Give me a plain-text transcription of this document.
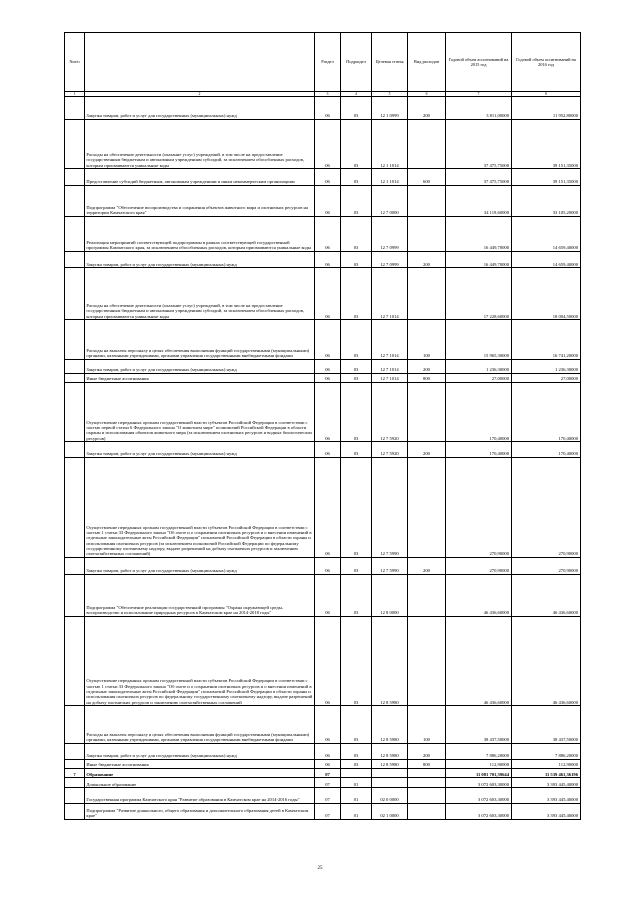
№п/п		Раздел	Подраздел	Целевая статья	Вид расходов	Годовой объем ассигнований на 2015 год	Годовой объем ассигнований на 2016 год
1	2	3	4	5	6	7	8
	Закупка товаров, работ и услуг для государственных (муниципальных) нужд	06	03	12 1 0999	200	3 811,00000	11 952,80000
	Расходы на обеспечение деятельности (оказание услуг) учреждений, в том числе на предоставление государственным бюджетным и автономным учреждениям субсидий, за исключением обособленных расходов, которым присваиваются уникальные коды	06	03	12 1 1014		37 475,75000	39 151,35000
	Предоставление субсидий бюджетным, автономным учреждениям и иным некоммерческим организациям	06	03	12 1 1014	600	37 475,75000	39 151,35000
	Подпрограмма "Обеспечение воспроизводства и сохранения объектов животного мира и охотничьих ресурсов на территории Камчатского края"	06	03	12 7 0000		34 119,60000	33 105,20000
	Реализация мероприятий соответствующей подпрограммы в рамках соответствующей государственной программы Камчатского края, за исключением обособленных расходов, которым присваиваются уникальные коды	06	03	12 7 0999		16 449,70000	14 659,40000
	Закупка товаров, работ и услуг для государственных (муниципальных) нужд	06	03	12 7 0999	200	16 449,70000	14 659,40000
	Расходы на обеспечение деятельности (оказание услуг) учреждений, в том числе на предоставление государственным бюджетным и автономным учреждениям субсидий, за исключением обособленных расходов, которым присваиваются уникальные коды	06	03	12 7 1014		17 228,60000	18 004,50000
	Расходы на выплаты персоналу в целях обеспечения выполнения функций государственными (муниципальными) органами, казенными учреждениями, органами управления государственными внебюджетными фондами	06	03	12 7 1014	100	15 965,30000	16 741,20000
	Закупка товаров, работ и услуг для государственных (муниципальных) нужд	06	03	12 7 1014	200	1 236,30000	1 236,30000
	Иные бюджетные ассигнования	06	03	12 7 1014	800	27,00000	27,00000
	Осуществление переданных органам государственной власти субъектов Российской Федерации в соответствии с частью первой статьи 6 Федерального закона "О животном мире" полномочий Российской Федерации в области охраны и использования объектов животного мира (за исключением охотничьих ресурсов и водных биологических ресурсов)	06	03	12 7 5920		170,40000	170,40000
	Закупка товаров, работ и услуг для государственных (муниципальных) нужд	06	03	12 7 5920	200	170,40000	170,40000
	Осуществление переданных органам государственной власти субъектов Российской Федерации в соответствии с частью 1 статьи 33 Федерального закона "Об охоте и о сохранении охотничьих ресурсов и о внесении изменений в отдельные законодательные акты Российской Федерации" полномочий Российской Федерации в области охраны и использования охотничьих ресурсов (за исключением полномочий Российской Федерации по федеральному государственному охотничьему надзору, выдаче разрешений на добычу охотничьих ресурсов и заключению охотхозяйственных соглашений)	06	03	12 7 5990		270,90000	270,90000
	Закупка товаров, работ и услуг для государственных (муниципальных) нужд	06	03	12 7 5990	200	270,90000	270,90000
	Подпрограмма "Обеспечение реализации государственной программы "Охрана окружающей среды, воспроизводство и использование природных ресурсов в Камчатском крае на 2014-2018 годы"	06	03	12 8 0000		46 436,60000	46 436,60000
	Осуществление переданных органам государственной власти субъектов Российской Федерации в соответствии с частью 1 статьи 33 Федерального закона "Об охоте и о сохранении охотничьих ресурсов и о внесении изменений в отдельные законодательные акты Российской Федерации" полномочий Российской Федерации в области охраны и использования охотничьих ресурсов по федеральному государственному охотничьему надзору, выдаче разрешений на добычу охотничьих ресурсов и заключению охотхозяйственных соглашений	06	03	12 8 5980		46 436,60000	46 436,60000
	Расходы на выплаты персоналу в целях обеспечения выполнения функций государственными (муниципальными) органами, казенными учреждениями, органами управления государственными внебюджетными фондами	06	03	12 8 5980	100	38 437,50000	38 437,50000
	Закупка товаров, работ и услуг для государственных (муниципальных) нужд	06	03	12 8 5980	200	7 886,20000	7 886,20000
	Иные бюджетные ассигнования	06	03	12 8 5980	800	112,90000	112,90000
7	Образование	07				11 081 701,39644	11 539 461,36196
	Дошкольное образование	07	01			3 072 603,30000	3 393 445,40000
	Государственная программа Камчатского края "Развитие образования в Камчатском крае на 2014-2016 годы"	07	01	02 0 0000		3 072 603,30000	3 393 445,40000
	Подпрограмма "Развитие дошкольного, общего образования и дополнительного образования детей в Камчатском крае"	07	01	02 1 0000		3 072 603,30000	3 393 445,40000
25
